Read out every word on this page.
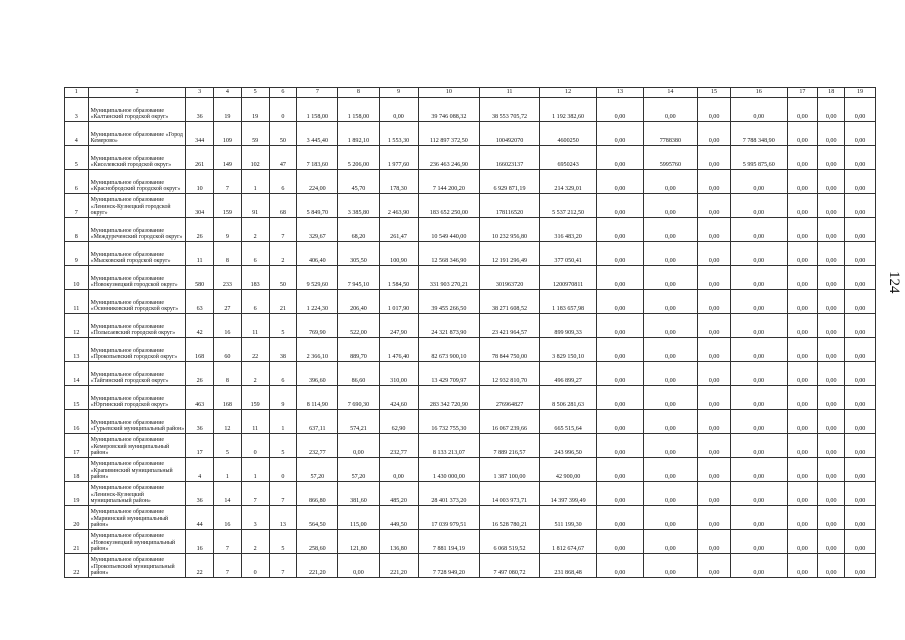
1	2	3	4	5	6	7	8	9	10	11	12	13	14	15	16	17	18	19
3	Муниципальное образование «Калтанский городской округ»	36	19	19	0	1 158,00	1 158,00	0,00	39 746 088,32	38 553 705,72	1 192 382,60	0,00	0,00	0,00	0,00	0,00	0,00	0,00
4	Муниципальное образование «Город Кемерово»	344	109	59	50	3 445,40	1 892,10	1 553,30	112 897 372,50	100492070	4600250	0,00	7788380	0,00	7 788 348,90	0,00	0,00	0,00
5	Муниципальное образование «Киселевский городской округ»	261	149	102	47	7 183,60	5 206,00	1 977,60	236 463 246,90	166023137	6950243	0,00	5995760	0,00	5 995 875,60	0,00	0,00	0,00
6	Муниципальное образование «Краснобродский городской округ»	10	7	1	6	224,00	45,70	178,30	7 144 200,20	6 929 871,19	214 329,01	0,00	0,00	0,00	0,00	0,00	0,00	0,00
7	Муниципальное образование «Ленинск-Кузнецкий городской округ»	304	159	91	68	5 849,70	3 385,80	2 463,90	183 652 250,00	178116520	5 537 212,50	0,00	0,00	0,00	0,00	0,00	0,00	0,00
8	Муниципальное образование «Междуреченский городской округ»	26	9	2	7	329,67	68,20	261,47	10 549 440,00	10 232 956,80	316 483,20	0,00	0,00	0,00	0,00	0,00	0,00	0,00
9	Муниципальное образование «Мысковский городской округ»	11	8	6	2	406,40	305,50	100,90	12 568 346,90	12 191 296,49	377 050,41	0,00	0,00	0,00	0,00	0,00	0,00	0,00
10	Муниципальное образование «Новокузнецкий городской округ»	580	233	183	50	9 529,60	7 945,10	1 584,50	331 903 270,21	301963720	1200970811	0,00	0,00	0,00	0,00	0,00	0,00	0,00
11	Муниципальное образование «Осинниковский городской округ»	63	27	6	21	1 224,30	206,40	1 017,90	39 455 266,50	38 271 608,52	1 183 657,98	0,00	0,00	0,00	0,00	0,00	0,00	0,00
12	Муниципальное образование «Полысаевский городской округ»	42	16	11	5	769,90	522,00	247,90	24 321 873,90	23 421 964,57	899 909,33	0,00	0,00	0,00	0,00	0,00	0,00	0,00
13	Муниципальное образование «Прокопьевский городской округ»	168	60	22	38	2 366,10	889,70	1 476,40	82 673 900,10	78 844 750,00	3 829 150,10	0,00	0,00	0,00	0,00	0,00	0,00	0,00
14	Муниципальное образование «Тайгинский городской округ»	26	8	2	6	396,60	86,60	310,00	13 429 709,97	12 932 810,70	496 899,27	0,00	0,00	0,00	0,00	0,00	0,00	0,00
15	Муниципальное образование «Юргинский городской округ»	463	168	159	9	8 114,90	7 690,30	424,60	283 342 720,90	276964827	8 506 281,63	0,00	0,00	0,00	0,00	0,00	0,00	0,00
16	Муниципальное образование «Гурьевский муниципальный район»	36	12	11	1	637,11	574,21	62,90	16 732 755,30	16 067 239,66	665 515,64	0,00	0,00	0,00	0,00	0,00	0,00	0,00
17	Муниципальное образование «Кемеровский муниципальный район»	17	5	0	5	232,77	0,00	232,77	8 133 213,07	7 889 216,57	243 996,50	0,00	0,00	0,00	0,00	0,00	0,00	0,00
18	Муниципальное образование «Крапивинский муниципальный район»	4	1	1	0	57,20	57,20	0,00	1 430 000,00	1 387 100,00	42 900,00	0,00	0,00	0,00	0,00	0,00	0,00	0,00
19	Муниципальное образование «Ленинск-Кузнецкий муниципальный район»	36	14	7	7	866,80	381,60	485,20	28 401 373,20	14 003 973,71	14 397 399,49	0,00	0,00	0,00	0,00	0,00	0,00	0,00
20	Муниципальное образование «Мариинский муниципальный район»	44	16	3	13	564,50	115,00	449,50	17 039 979,51	16 528 780,21	511 199,30	0,00	0,00	0,00	0,00	0,00	0,00	0,00
21	Муниципальное образование «Новокузнецкий муниципальный район»	16	7	2	5	258,60	121,80	136,80	7 881 194,19	6 068 519,52	1 812 674,67	0,00	0,00	0,00	0,00	0,00	0,00	0,00
22	Муниципальное образование «Прокопьевский муниципальный район»	22	7	0	7	221,20	0,00	221,20	7 728 949,20	7 497 080,72	231 868,48	0,00	0,00	0,00	0,00	0,00	0,00	0,00
124
